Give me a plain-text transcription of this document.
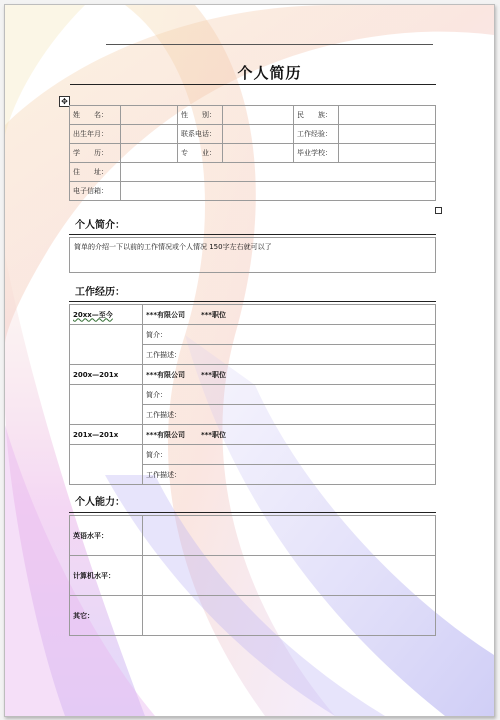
个人简历
✥
姓　　名：		性　　别：		民　　族：	
出生年月：		联系电话：		工作经验：	
学　　历：		专　　业：		毕业学校：	
住　　址：					
电子信箱：					
个人简介：
简单的介绍一下以前的工作情况或个人情况 150字左右就可以了
工作经历：
20xx—至今	***有限公司 ***职位
	简介：
	工作描述：
200x—201x	***有限公司 ***职位
	简介：
	工作描述：
201x—201x	***有限公司 ***职位
	简介：
	工作描述：
个人能力：
英语水平：	
计算机水平：	
其它：	
